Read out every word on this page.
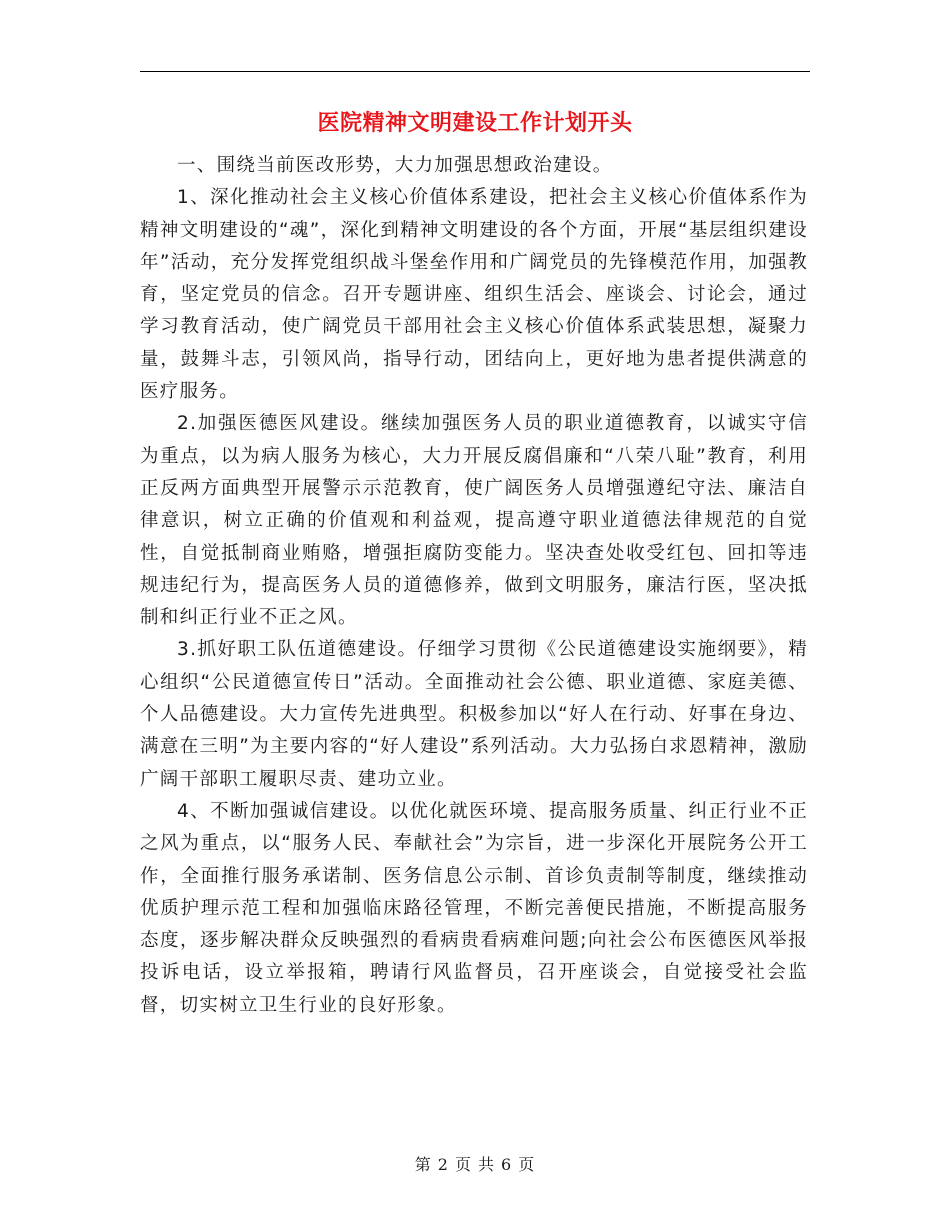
医院精神文明建设工作计划开头

一、围绕当前医改形势，大力加强思想政治建设。

1、深化推动社会主义核心价值体系建设，把社会主义核心价值体系作为精神文明建设的“魂”，深化到精神文明建设的各个方面，开展“基层组织建设年”活动，充分发挥党组织战斗堡垒作用和广阔党员的先锋模范作用，加强教育，坚定党员的信念。召开专题讲座、组织生活会、座谈会、讨论会，通过学习教育活动，使广阔党员干部用社会主义核心价值体系武装思想，凝聚力量，鼓舞斗志，引领风尚，指导行动，团结向上，更好地为患者提供满意的医疗服务。

2.加强医德医风建设。继续加强医务人员的职业道德教育，以诚实守信为重点，以为病人服务为核心，大力开展反腐倡廉和“八荣八耻”教育，利用正反两方面典型开展警示示范教育，使广阔医务人员增强遵纪守法、廉洁自律意识，树立正确的价值观和利益观，提高遵守职业道德法律规范的自觉性，自觉抵制商业贿赂，增强拒腐防变能力。坚决查处收受红包、回扣等违规违纪行为，提高医务人员的道德修养，做到文明服务，廉洁行医，坚决抵制和纠正行业不正之风。

3.抓好职工队伍道德建设。仔细学习贯彻《公民道德建设实施纲要》，精心组织“公民道德宣传日”活动。全面推动社会公德、职业道德、家庭美德、个人品德建设。大力宣传先进典型。积极参加以“好人在行动、好事在身边、满意在三明”为主要内容的“好人建设”系列活动。大力弘扬白求恩精神，激励广阔干部职工履职尽责、建功立业。

4、不断加强诚信建设。以优化就医环境、提高服务质量、纠正行业不正之风为重点，以“服务人民、奉献社会”为宗旨，进一步深化开展院务公开工作，全面推行服务承诺制、医务信息公示制、首诊负责制等制度，继续推动优质护理示范工程和加强临床路径管理，不断完善便民措施，不断提高服务态度，逐步解决群众反映强烈的看病贵看病难问题;向社会公布医德医风举报投诉电话，设立举报箱，聘请行风监督员，召开座谈会，自觉接受社会监督，切实树立卫生行业的良好形象。

第 2 页 共 6 页
